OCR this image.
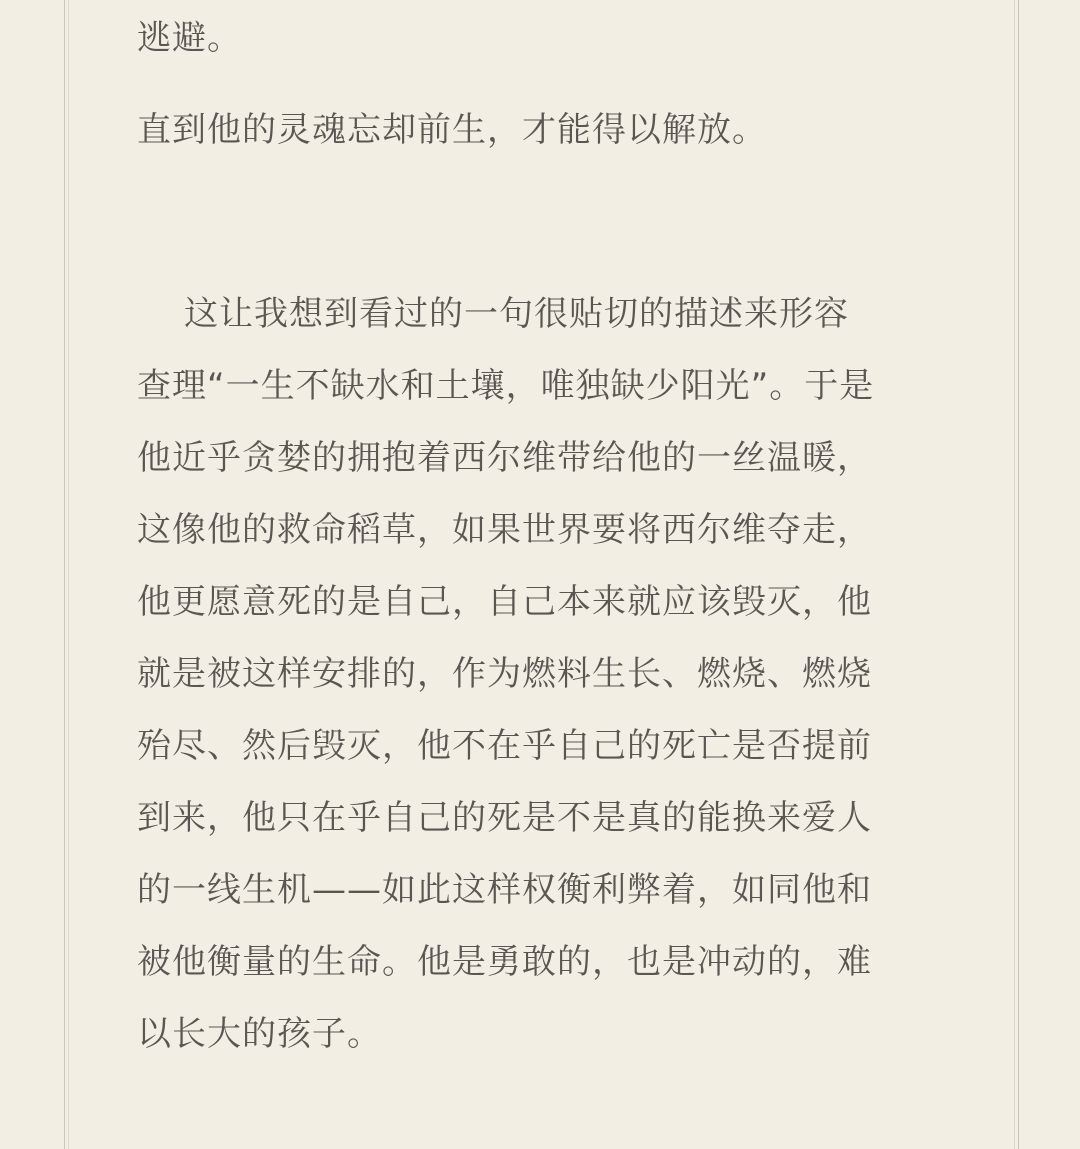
逃避。
直到他的灵魂忘却前生，才能得以解放。
这让我想到看过的一句很贴切的描述来形容
查理“一生不缺水和土壤，唯独缺少阳光”。于是
他近乎贪婪的拥抱着西尔维带给他的一丝温暖，
这像他的救命稻草，如果世界要将西尔维夺走，
他更愿意死的是自己，自己本来就应该毁灭，他
就是被这样安排的，作为燃料生长、燃烧、燃烧
殆尽、然后毁灭，他不在乎自己的死亡是否提前
到来，他只在乎自己的死是不是真的能换来爱人
的一线生机——如此这样权衡利弊着，如同他和
被他衡量的生命。他是勇敢的，也是冲动的，难
以长大的孩子。
